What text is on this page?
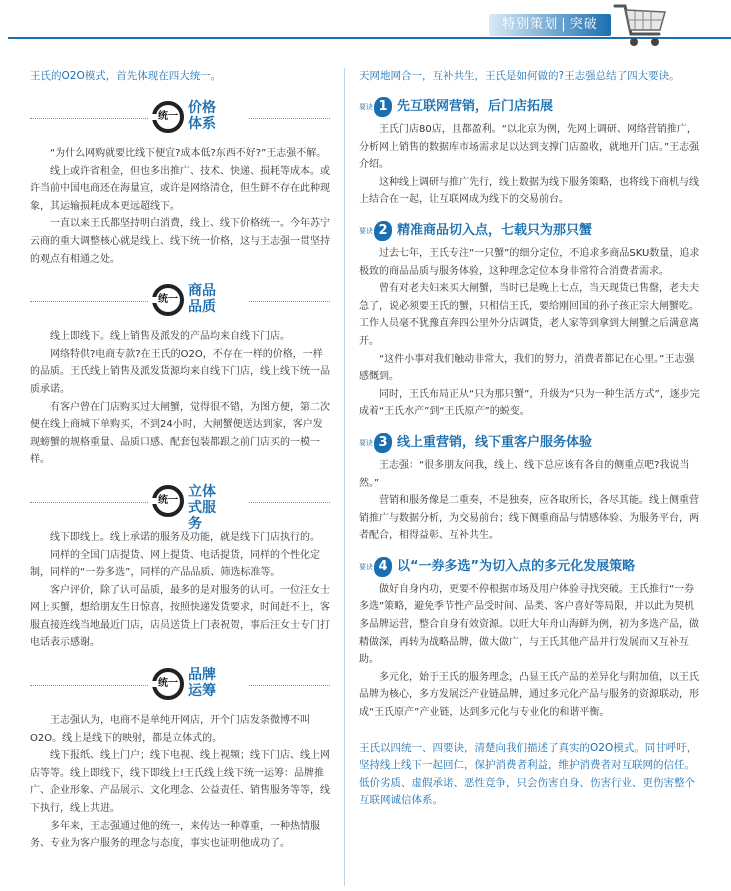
特别策划 | 突破

王氏的O2O模式，首先体现在四大统一。

统一
价格体系

“为什么网购就要比线下便宜?成本低?东西不好?”王志强不解。

线上或许省租金，但也多出推广、技术、快递、损耗等成本。或许当前中国电商还在海量宣，或许是网络清仓，但生鲜不存在此种现象，其运输损耗成本更远超线下。

一直以来王氏都坚持明白消费，线上、线下价格统一。今年苏宁云商的重大调整核心就是线上、线下统一价格，这与王志强一贯坚持的观点有相通之处。

统一
商品品质

线上即线下。线上销售及派发的产品均来自线下门店。

网络特供?电商专款?在王氏的O2O，不存在一样的价格，一样的品质。王氏线上销售及派发货源均来自线下门店，线上线下统一品质承诺。

有客户曾在门店购买过大闸蟹，觉得很不错，为图方便，第二次便在线上商城下单购买，不到24小时，大闸蟹便送达到家，客户发现螃蟹的规格重量、品质口感、配套包装都跟之前门店买的一模一样。

统一
立体式服务

线下即线上。线上承诺的服务及功能，就是线下门店执行的。

同样的全国门店提货、网上提货、电话提货，同样的个性化定制，同样的“一券多选”，同样的产品品质、筛选标准等。

客户评价，除了认可品质，最多的是对服务的认可。一位汪女士网上买蟹，想给朋友生日惊喜，按照快递发货要求，时间赶不上，客服直接连线当地最近门店，店员送货上门表祝贺，事后汪女士专门打电话表示感谢。

统一
品牌运筹

王志强认为，电商不是单纯开网店，开个门店发条微博不叫O2O。线上是线下的映射，都是立体式的。

线下报纸、线上门户；线下电视、线上视频；线下门店、线上网店等等。线上即线下，线下即线上!王氏线上线下统一运筹：品牌推广、企业形象、产品展示、文化理念、公益责任、销售服务等等，线下执行，线上共进。

多年来，王志强通过他的统一，来传达一种尊重，一种热情服务、专业为客户服务的理念与态度，事实也证明他成功了。

天网地网合一，互补共生，王氏是如何做的?王志强总结了四大要诀。

要诀 1 先互联网营销，后门店拓展

王氏门店80店，且都盈利。“以北京为例，先网上调研、网络营销推广，分析网上销售的数据库市场需求足以达到支撑门店盈收，就地开门店。”王志强介绍。

这种线上调研与推广先行，线上数据为线下服务策略，也将线下商机与线上结合在一起，让互联网成为线下的交易前台。

要诀 2 精准商品切入点，七载只为那只蟹

过去七年，王氏专注“一只蟹”的细分定位，不追求多商品SKU数量，追求极致的商品品质与服务体验，这种理念定位本身非常符合消费者需求。

曾有对老夫妇来买大闸蟹，当时已是晚上七点，当天现货已售罄，老夫夫急了，说必须要王氏的蟹，只相信王氏，要给刚回国的孙子孩正宗大闸蟹吃。工作人员毫不犹豫直奔四公里外分店调货，老人家等到拿到大闸蟹之后满意离开。

“这件小事对我们触动非常大，我们的努力，消费者都记在心里。”王志强感慨到。

同时，王氏布局正从“只为那只蟹”，升级为“只为一种生活方式”，逐步完成着“王氏水产”到“王氏原产”的蜕变。

要诀 3 线上重营销，线下重客户服务体验

王志强：“很多朋友问我，线上、线下总应该有各自的侧重点吧?我说当然。”

营销和服务像是二重奏，不是独奏，应各取所长，各尽其能。线上侧重营销推广与数据分析，为交易前台；线下侧重商品与情感体验、为服务平台，两者配合，相得益彰、互补共生。

要诀 4 以“一券多选”为切入点的多元化发展策略

做好自身内功，更要不停根据市场及用户体验寻找突破。王氏推行“一券多选”策略，避免季节性产品受时间、品类、客户喜好等局限，并以此为契机多品牌运营，整合自身有效资源。以旺大年舟山海鲜为例，初为多选产品，做精做深，再转为战略品牌，做大做广，与王氏其他产品并行发展而又互补互助。

多元化，始于王氏的服务理念，凸显王氏产品的差异化与附加值，以王氏品牌为核心，多方发展泛产业链品牌，通过多元化产品与服务的资源联动，形成“王氏原产”产业链，达到多元化与专业化的和谐平衡。

王氏以四统一、四要诀，清楚向我们描述了真实的O2O模式。同甘呼吁，坚持线上线下一起回仁，保护消费者利益，维护消费者对互联网的信任。低价劣质、虚假承诺、恶性竞争，只会伤害自身、伤害行业、更伤害整个互联网诚信体系。
